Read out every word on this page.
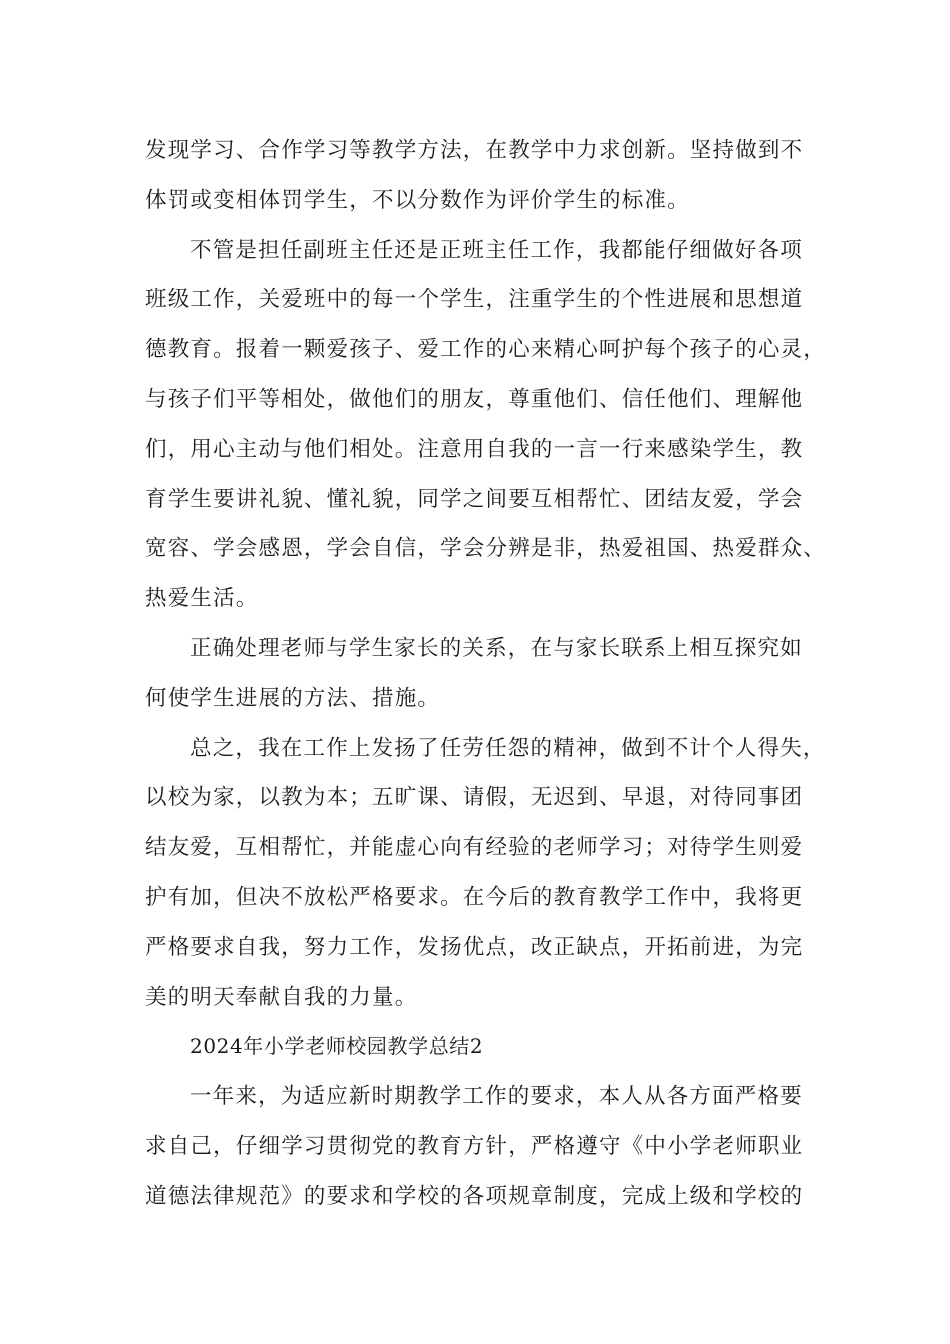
发现学习、合作学习等教学方法，在教学中力求创新。坚持做到不
体罚或变相体罚学生，不以分数作为评价学生的标准。
不管是担任副班主任还是正班主任工作，我都能仔细做好各项
班级工作，关爱班中的每一个学生，注重学生的个性进展和思想道
德教育。报着一颗爱孩子、爱工作的心来精心呵护每个孩子的心灵，
与孩子们平等相处，做他们的朋友，尊重他们、信任他们、理解他
们，用心主动与他们相处。注意用自我的一言一行来感染学生，教
育学生要讲礼貌、懂礼貌，同学之间要互相帮忙、团结友爱，学会
宽容、学会感恩，学会自信，学会分辨是非，热爱祖国、热爱群众、
热爱生活。
正确处理老师与学生家长的关系，在与家长联系上相互探究如
何使学生进展的方法、措施。
总之，我在工作上发扬了任劳任怨的精神，做到不计个人得失，
以校为家，以教为本；五旷课、请假，无迟到、早退，对待同事团
结友爱，互相帮忙，并能虚心向有经验的老师学习；对待学生则爱
护有加，但决不放松严格要求。在今后的教育教学工作中，我将更
严格要求自我，努力工作，发扬优点，改正缺点，开拓前进，为完
美的明天奉献自我的力量。
2024年小学老师校园教学总结2
一年来，为适应新时期教学工作的要求，本人从各方面严格要
求自己，仔细学习贯彻党的教育方针，严格遵守《中小学老师职业
道德法律规范》的要求和学校的各项规章制度，完成上级和学校的
